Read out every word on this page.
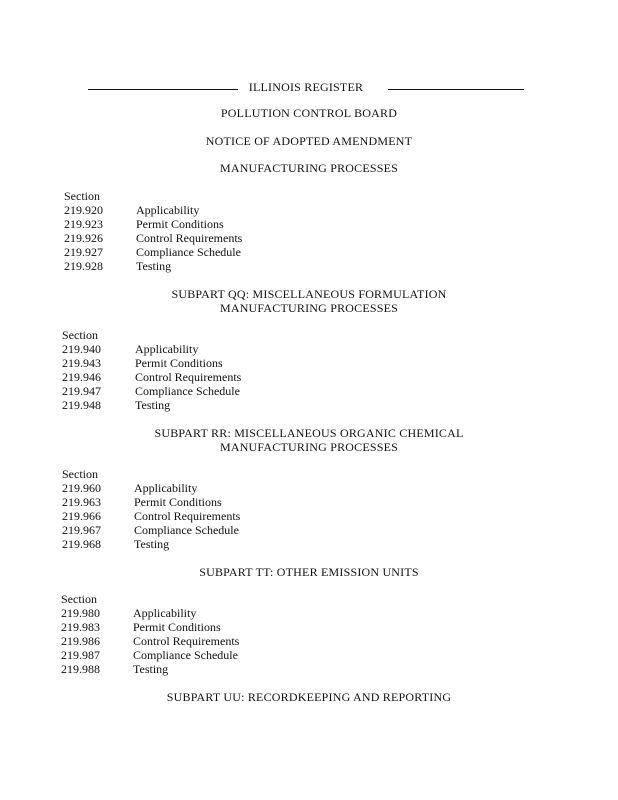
ILLINOIS REGISTER
POLLUTION CONTROL BOARD
NOTICE OF ADOPTED AMENDMENT
MANUFACTURING PROCESSES
Section
219.920	Applicability
219.923	Permit Conditions
219.926	Control Requirements
219.927	Compliance Schedule
219.928	Testing
SUBPART QQ: MISCELLANEOUS FORMULATION
MANUFACTURING PROCESSES
Section
219.940	Applicability
219.943	Permit Conditions
219.946	Control Requirements
219.947	Compliance Schedule
219.948	Testing
SUBPART RR: MISCELLANEOUS ORGANIC CHEMICAL
MANUFACTURING PROCESSES
Section
219.960	Applicability
219.963	Permit Conditions
219.966	Control Requirements
219.967	Compliance Schedule
219.968	Testing
SUBPART TT: OTHER EMISSION UNITS
Section
219.980	Applicability
219.983	Permit Conditions
219.986	Control Requirements
219.987	Compliance Schedule
219.988	Testing
SUBPART UU: RECORDKEEPING AND REPORTING
